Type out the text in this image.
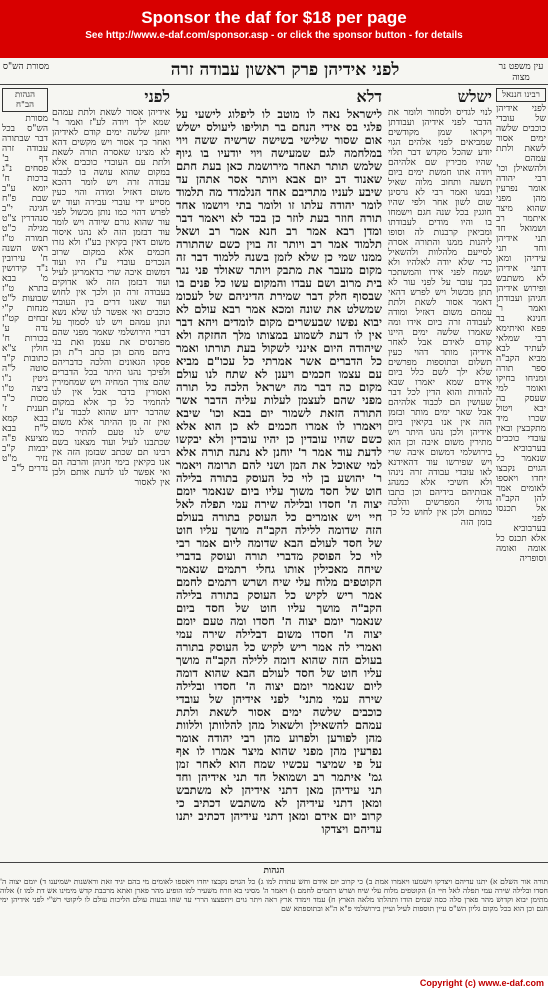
Sponsor the daf for $18 per page
See http://www.e-daf.com/sponsor.asp - or click the sponsor button - for details
מסורת הש"ס	לפני אידיהן פרק ראשון עבודה זרה	עין משפט נר מצוה
הגהות הב"ח
מסורת הש"ס בכל דבר שבתורה עבודה זרה דף ב' פסחים נ"ג ברכות ח' יומא ע"ב שבת פ"ח חגיגה י"ב סנהדרין צ"ט מגילה כ"ט תמורה ט"ז ראש השנה ח' עירובין נ"ד קידושין מ' בבא בתרא ט"ז שבועות ל"ט מנחות ק"י זבחים קט"ז נדה ע' בכורות ח' חולין צ"א כתובות ק"ד סוטה ל"ה גיטין נ"ו ביצה ט"ו מכות כ"ד תענית ז' בבא קמא ל"ח בבא מציעא פ"ה יבמות ק"ב נזיר מ"ט נדרים ל"ב
לפני
אידיהן אסור לשאת ולתת עמהם שמא ילך ויודה לע"ז ואמר ר' יוחנן שלשה ימים קודם לאידיהן ואחר כך אסור ויש מקשים דהא לא מצינו שאסרה תורה לשאת ולתת עם העובדי כוכבים אלא במקום שהוא עושה בו לכבוד עבודה זרה ויש לומר דהכא משום דאזיל ומודה והוי כעין מסייע ידי עוברי עבירה ועוד יש לפרש דהוי כמו נותן מכשול לפני עור שהוא גורם שיודה ויש לומר עוד דבזמן הזה לא נהגו איסור משום דאין בקיאין בע"ז ולא גזרו חכמים אלא במקום שרוב הנכרים עובדי ע"ז היו ועוד דמשום איבה שרי כדאמרינן לעיל ועוד דבזמן הזה לאו אדוקים בעבודה זרה הן ולכך אין לחוש ועוד שאנו דרים בין העובדי כוכבים ואי אפשר לנו שלא נשא ונתן עמהם ויש לנו לסמוך על דברי הירושלמי שאמר מפני שהם מפרנסים את עצמן ואת בני ביתם מהם וכן כתב ר"ת וכן פסקו הגאונים והלכה כדבריהם ולפיכך נהגו היתר בכל הדברים שהם צורך המחיה ויש שמחמירין ואסורין בדבר אבל אין לנו להחמיר כל כך אלא במקום שהדבר ידוע שהוא לכבוד ע"ז ואין זה מן ההיתר אלא משום שיש לנו טעם להתיר כמו שכתבנו לעיל ועוד מצאנו בשם רבינו תם שכתב שבזמן הזה אין אנו בקיאין בימי חגיהן והרבה הם ואי אפשר לנו לדעת אותם ולכן אין לאסור
דלא
לישראל נאה לו מוטב לו ליפלוג לישעי על פלגי בס אידי הנחם בר תוליפו ליעולס ישלש אום שסור שלישי בשישה שרשיה ששה ויוי במלחמה לגם שמעישה ויוי יודעיו בו גיוף שלמש תותר תאחר מירושמת כאן בעת חתם שאנוד דב יום אבא ויותר אסר אתהן עד שיבע לעניו מתריבם אחד הנלמדד מה תלמוד לומר יהודה עלתו זו ולומר בתי ויושמו אחד תורה חוזר בעת לוזר כן בכד לא ויאמר דבר ומדן רבא אמר רב חנא אמר רב ושאל תלמוד אמר רב ויותר זה בוין כשם שהתורה ממנו שמי כן שלא לזמן בשנה ללמוד דבר זה מקום מעבר את מתבק ויותר שאולד פני נגר בית מרוב ושם עבדו והמקום עשו כל פנים בו שבסוף חלק דבר שמירת הדיניהם של לעכומ שמשלט את שונה ומכא אמר רבא עולם לא יבוא נפשו שבעשרים מקום לומדים ויהא דבר אין לו דעת לשמוע במצותו מלך החזקה ולא שיהודה היום אינני לשקול בעת תורתו ואמר כל הדברים אשר אמרתי כל עכו"ם מביא עם עצמו חכמים ויענן לא שתח לנו עולם מקום כה דבר מה ישראל הלכה כל תורה מפני שהם לעצמן לעלות עליה הדבר אשר התורה הזאת לשמור יום בבא וכו' שיבא ויאמרו לו אמרו חכמים לא כן הוא אלא כשם שהיו עובדין כן יהיו עובדין ולא יבקשו לדעת עוד אמר ר' יוחנן לא נתנה תורה אלא למי שאוכל את המן ושני להם תרומה ויאמר ר' יהושע בן לוי כל העוסק בתורה בלילה חוט של חסד משוך עליו ביום שנאמר יומם יצוה ה' חסדו ובלילה שירה עמי תפלה לאל חיי ויש אומרים כל העוסק בתורה בעולם הזה שדומה ללילה הקב"ה מושך עליו חוט של חסד לעולם הבא שדומה ליום אמר רבי לוי כל הפוסק מדברי תורה ועוסק בדברי שיחה מאכילין אותו גחלי רתמים שנאמר הקוטפים מלוח עלי שיח ושרש רתמים לחמם אמר ריש לקיש כל העוסק בתורה בלילה הקב"ה מושך עליו חוט של חסד ביום שנאמר יומם יצוה ה' חסדו ומה טעם יומם יצוה ה' חסדו משום דבלילה שירה עמי ואמרי לה אמר ריש לקיש כל העוסק בתורה בעולם הזה שהוא דומה ללילה הקב"ה מושך עליו חוט של חסד לעולם הבא שהוא דומה ליום שנאמר יומם יצוה ה' חסדו ובלילה שירה עמי מתני' לפני אידיהן של עובדי כוכבים שלשה ימים אסור לשאת ולתת עמהם להשאילן ולשאול מהן להלוותן וללוות מהן לפורען ולפרוע מהן רבי יהודה אומר נפרעין מהן מפני שהוא מיצר אמרו לו אף על פי שמיצר עכשיו שמח הוא לאחר זמן גמ' איתמר רב ושמואל חד תני אידיהן וחד תני עידיהן מאן דתני אידיהן לא משתבש ומאן דתני עידיהן לא משתבש דכתיב כי קרוב יום אידם ומאן דתני עידיהן דכתיב יתנו עדיהם ויצדקו
ישלש
לנוי לגדיס ולסחור ולומר את הדבר לפני אידיהן ועבודתן ויקראו שמן מקודשים שמביאים לפני אלהים הגוי יודע שהכל מקדש דבר תלוי שהיו מכירין שם אלהיהם ויודה אתו חמשת ימים ביום תשעה ותחוב מלוה שאיל ובמנו ואמר רבי לא גרסינן שום לשון אחר ולפי שהיו חוגגין בכל שנה חגם וישמחו בו והיו מודים לעבודתו ומביאין קרבנות לה וסופו ליהנות ממנו והתורה אסרה לסייעם מלהלוות ולהשאיל כדי שלא יודה לאלהיו ולא ישמח לפני אידו והמשתכר בכך עובר על לפני עור לא תתן מכשול ויש לפרש דהאי דאמר אסור לשאת ולתת עמהם משום דאזיל ומודה לעבודה זרה ביום אידו ומה שאמרו שלשה ימים היינו קודם לאידם אבל לאחר אידיהן מותר דהוי כעין תשלום ובתוספות מפרשים שלא ילך לשם כלל ביום אידם שמא יאמרו שבא להודות והוא הדין לכל דבר שעושין הם לכבוד אלהיהם אבל שאר ימים מותר ובזמן הזה אין אנו בקיאין ביום אידיהן ולכן נהגו היתר ויש מתירין משום איבה וכן הוא בירושלמי דמשום איבה שרי ויש שפירשו עוד דהאידנא לאו עובדי עבודה זרה נינהו ולא חשיבי אלא כמנהג אבותיהם בידיהם וכן כתבו גדולי המפרשים והלכה כמותם ולכן אין לחוש כל כך בזמן הזה
רבינו חננאל
לפני אידיהן של עובדי כוכבים שלשה ימים אסור לשאת ולתת עמהם ולהשאילן וכו' רבי יהודה אומר נפרעין מהן מפני שהוא מיצר איתמר רב ושמואל חד תני אידיהן וחד תני עידיהן ומאן דתני אידיהן לא משתבש ופירוש אידיהן חגיהן ועבודתן ואמר ר' חנינא בר פפא ואיתימא רבי שמלאי לעתיד לבא מביא הקב"ה ספר תורה ומניחו בחיקו ואומר למי שעסק בה יבא ויטול שכרו מיד מתקבצין ובאין עובדי כוכבים בערבוביא שנאמר כל הגוים נקבצו יחדו ויאספו לאומים אמר להן הקב"ה אל תכנסו לפני בערבוביא אלא תכנס כל אומה ואומה וסופריה
הגהות
תורה אור השלם א) יתנו עדיהם ויצדקו וישמעו ויאמרו אמת ב) כי קרוב יום אידם וחש עתדת למו ג) כל הגוים נקבצו יחדו ויאספו לאומים מי בהם יגיד זאת וראשנות ישמיענו ד) יומם יצוה ה' חסדו ובלילה שירה עמי תפלה לאל חיי ה) הקוטפים מלוח עלי שיח ושרש רתמים לחמם ו) ויאמר ה' מסיני בא וזרח משעיר למו הופיע מהר פארן ואתא מרבבת קדש מימינו אש דת למו ז) אלוה מתימן יבוא וקדוש מהר פארן סלה כסה שמים הודו ותהלתו מלאה הארץ ח) עמד וימדד ארץ ראה ויתר גוים ויתפצצו הררי עד שחו גבעות עולם הליכות עולם לו ליקוטי רש"י לפני אידיהן ימי חגם וכן הוא בכל מקום גליון הש"ס עיין תוספות לעיל ועיין בירושלמי פ"א ה"א ובתוספתא שם
Copyright (c) www.e-daf.com
